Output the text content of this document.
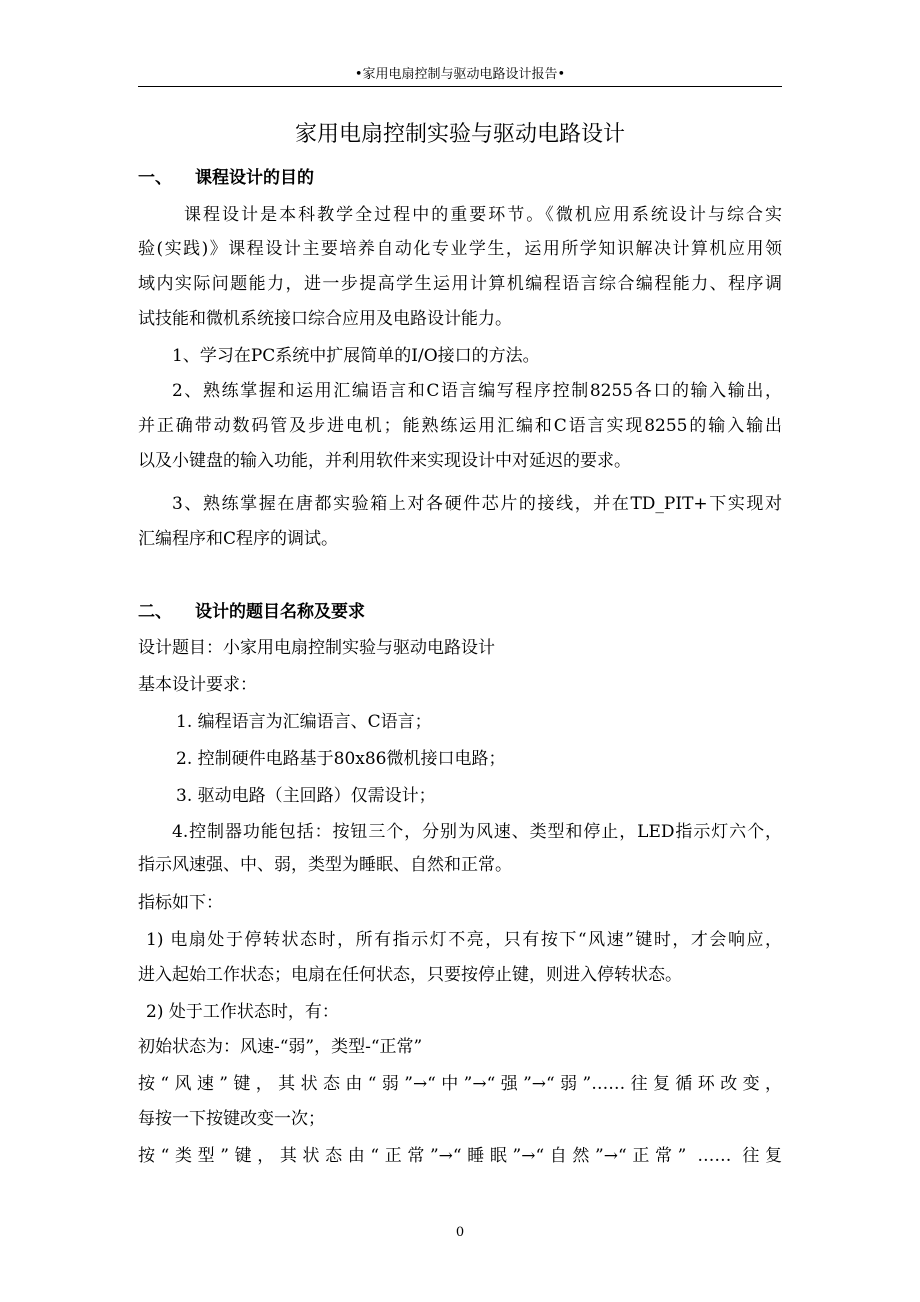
•家用电扇控制与驱动电路设计报告•
家用电扇控制实验与驱动电路设计
一、 课程设计的目的
课程设计是本科教学全过程中的重要环节。《微机应用系统设计与综合实
验(实践)》课程设计主要培养自动化专业学生，运用所学知识解决计算机应用领
域内实际问题能力，进一步提高学生运用计算机编程语言综合编程能力、程序调
试技能和微机系统接口综合应用及电路设计能力。
1、学习在PC系统中扩展简单的I/O接口的方法。
2、熟练掌握和运用汇编语言和C语言编写程序控制8255各口的输入输出，
并正确带动数码管及步进电机；能熟练运用汇编和C语言实现8255的输入输出
以及小键盘的输入功能，并利用软件来实现设计中对延迟的要求。
3、熟练掌握在唐都实验箱上对各硬件芯片的接线，并在TD_PIT+下实现对
汇编程序和C程序的调试。
二、 设计的题目名称及要求
设计题目：小家用电扇控制实验与驱动电路设计
基本设计要求：
1. 编程语言为汇编语言、C语言；
2. 控制硬件电路基于80x86微机接口电路；
3. 驱动电路（主回路）仅需设计；
4.控制器功能包括：按钮三个，分别为风速、类型和停止，LED指示灯六个，
指示风速强、中、弱，类型为睡眠、自然和正常。
指标如下：
1) 电扇处于停转状态时，所有指示灯不亮，只有按下“风速”键时，才会响应，
进入起始工作状态；电扇在任何状态，只要按停止键，则进入停转状态。
2) 处于工作状态时，有：
初始状态为：风速-“弱”，类型-“正常”
按“风速”键，其状态由“弱”→“中”→“强”→“弱”……往复循环改变，
每按一下按键改变一次；
按“类型”键，其状态由“正常”→“睡眠”→“自然”→“正常” …… 往复
0
